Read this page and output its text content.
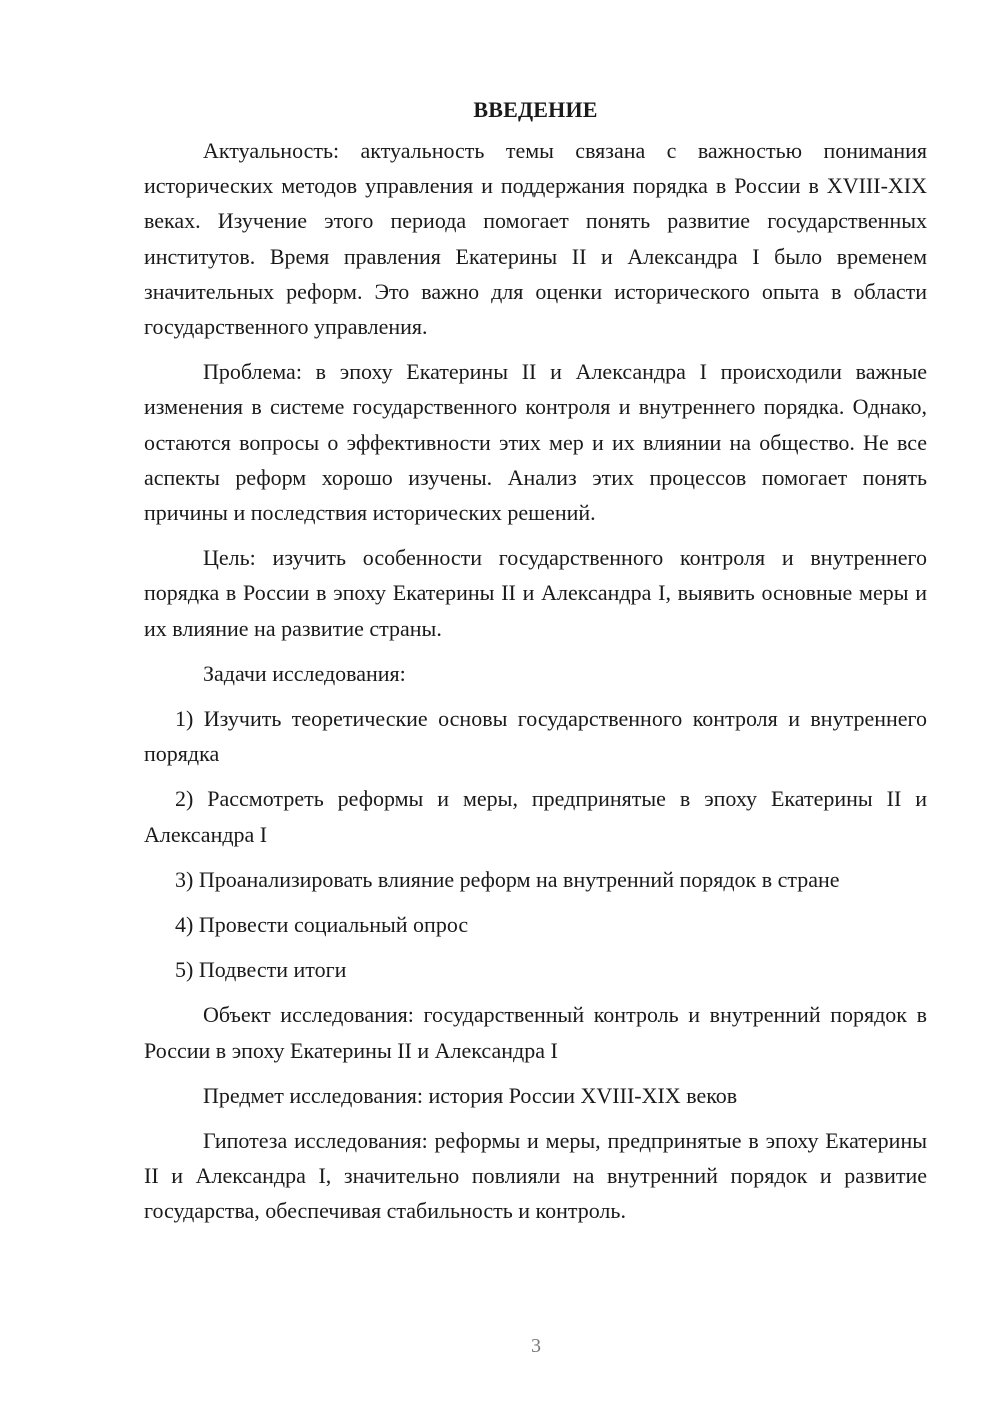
ВВЕДЕНИЕ

Актуальность: актуальность темы связана с важностью понимания исторических методов управления и поддержания порядка в России в XVIII-XIX веках. Изучение этого периода помогает понять развитие государственных институтов. Время правления Екатерины II и Александра I было временем значительных реформ. Это важно для оценки исторического опыта в области государственного управления.

Проблема: в эпоху Екатерины II и Александра I происходили важные изменения в системе государственного контроля и внутреннего порядка. Однако, остаются вопросы о эффективности этих мер и их влиянии на общество. Не все аспекты реформ хорошо изучены. Анализ этих процессов помогает понять причины и последствия исторических решений.

Цель: изучить особенности государственного контроля и внутреннего порядка в России в эпоху Екатерины II и Александра I, выявить основные меры и их влияние на развитие страны.

Задачи исследования:

1) Изучить теоретические основы государственного контроля и внутреннего порядка

2) Рассмотреть реформы и меры, предпринятые в эпоху Екатерины II и Александра I

3) Проанализировать влияние реформ на внутренний порядок в стране

4) Провести социальный опрос

5) Подвести итоги

Объект исследования: государственный контроль и внутренний порядок в России в эпоху Екатерины II и Александра I

Предмет исследования: история России XVIII-XIX веков

Гипотеза исследования: реформы и меры, предпринятые в эпоху Екатерины II и Александра I, значительно повлияли на внутренний порядок и развитие государства, обеспечивая стабильность и контроль.

3
